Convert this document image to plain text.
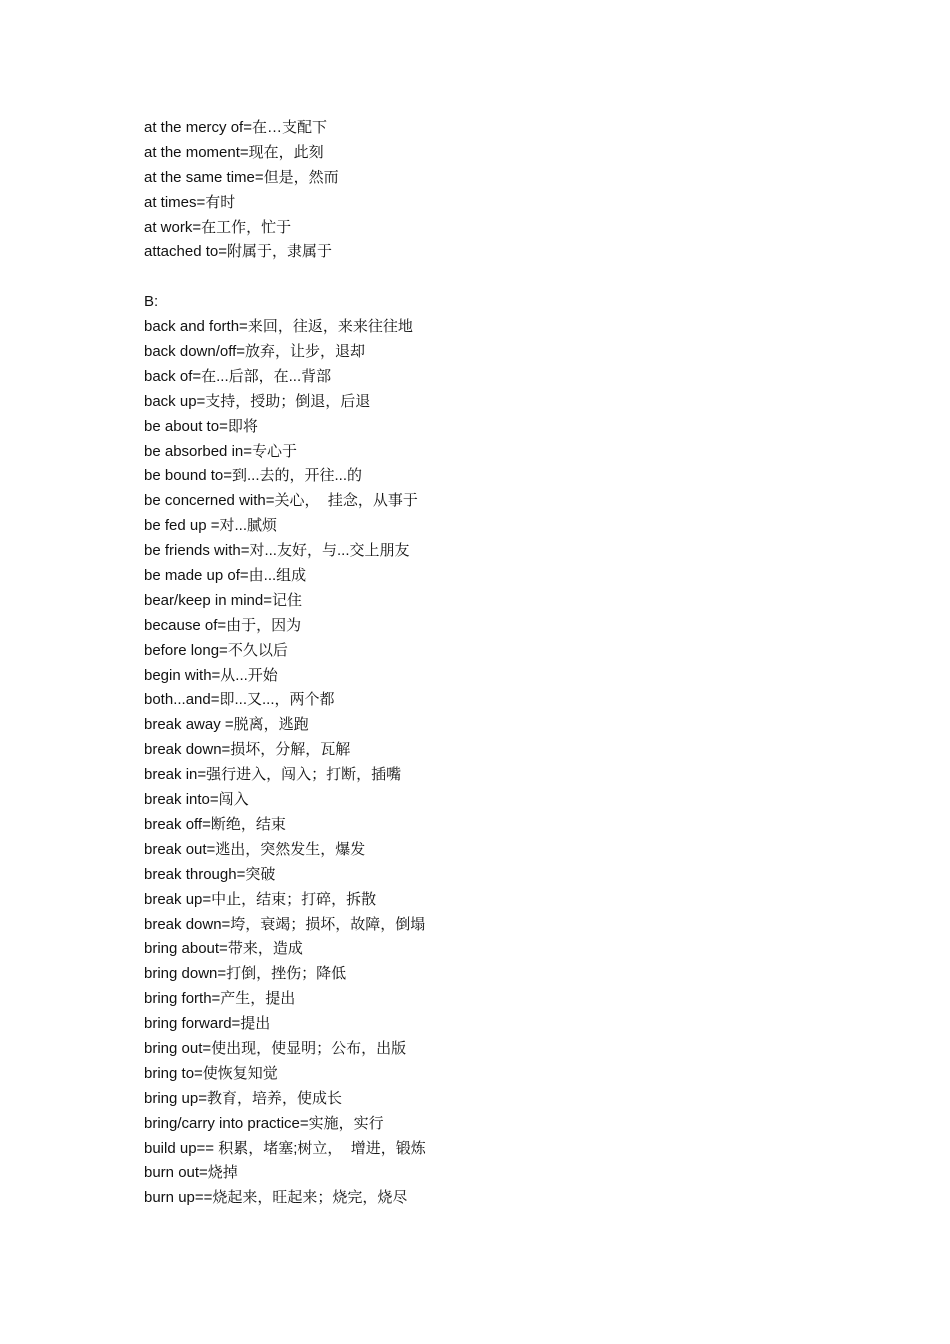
at the mercy of=在…支配下
at the moment=现在，此刻
at the same time=但是，然而
at times=有时
at work=在工作，忙于
attached to=附属于，隶属于
B:
back and forth=来回，往返，来来往往地
back down/off=放弃，让步，退却
back of=在...后部，在...背部
back up=支持，授助；倒退，后退
be about to=即将
be absorbed in=专心于
be bound to=到...去的，开往...的
be concerned with=关心，  挂念，从事于
be fed up =对...腻烦
be friends with=对...友好，与...交上朋友
be made up of=由...组成
bear/keep in mind=记住
because of=由于，因为
before long=不久以后
begin with=从...开始
both...and=即...又...，两个都
break away =脱离，逃跑
break down=损坏，分解，瓦解
break in=强行进入，闯入；打断，插嘴
break into=闯入
break off=断绝，结束
break out=逃出，突然发生，爆发
break through=突破
break up=中止，结束；打碎，拆散
break down=垮，衰竭；损坏，故障，倒塌
bring about=带来，造成
bring down=打倒，挫伤；降低
bring forth=产生，提出
bring forward=提出
bring out=使出现，使显明；公布，出版
bring to=使恢复知觉
bring up=教育，培养，使成长
bring/carry into practice=实施，实行
build up== 积累，堵塞;树立，  增进，锻炼
burn out=烧掉
burn up==烧起来，旺起来；烧完，烧尽
